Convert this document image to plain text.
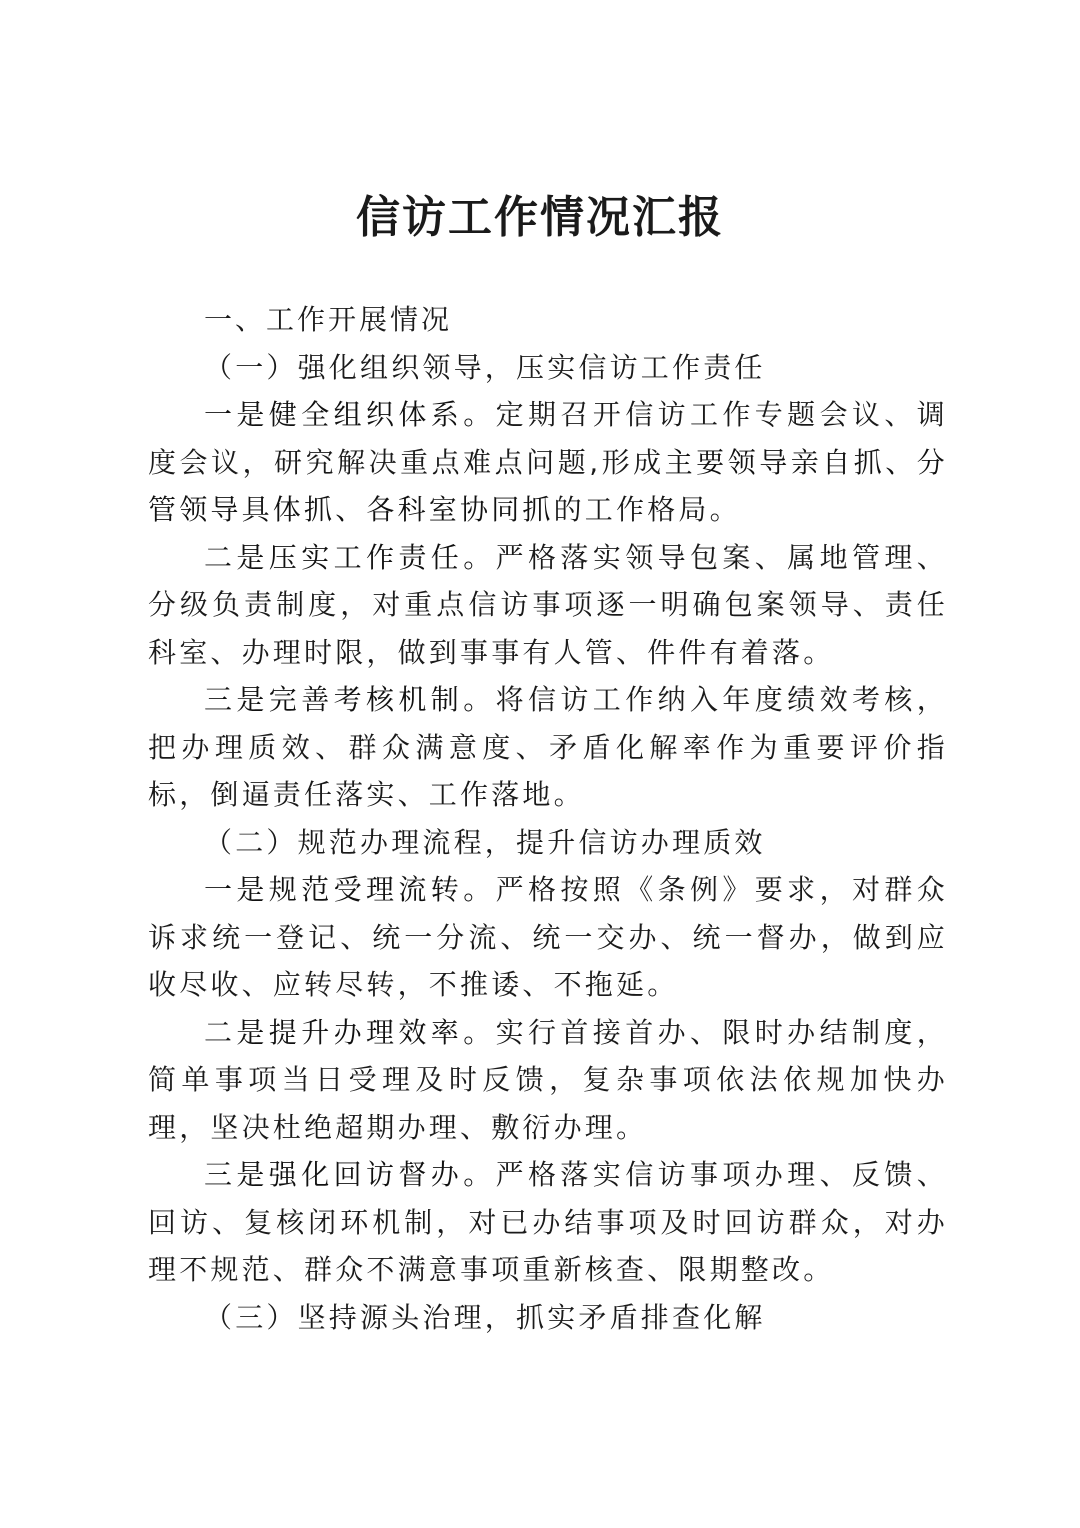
信访工作情况汇报

一、工作开展情况

（一）强化组织领导，压实信访工作责任

一是健全组织体系。定期召开信访工作专题会议、调度会议，研究解决重点难点问题,形成主要领导亲自抓、分管领导具体抓、各科室协同抓的工作格局。

二是压实工作责任。严格落实领导包案、属地管理、分级负责制度，对重点信访事项逐一明确包案领导、责任科室、办理时限，做到事事有人管、件件有着落。

三是完善考核机制。将信访工作纳入年度绩效考核，把办理质效、群众满意度、矛盾化解率作为重要评价指标，倒逼责任落实、工作落地。

（二）规范办理流程，提升信访办理质效

一是规范受理流转。严格按照《条例》要求，对群众诉求统一登记、统一分流、统一交办、统一督办，做到应收尽收、应转尽转，不推诿、不拖延。

二是提升办理效率。实行首接首办、限时办结制度，简单事项当日受理及时反馈，复杂事项依法依规加快办理，坚决杜绝超期办理、敷衍办理。

三是强化回访督办。严格落实信访事项办理、反馈、回访、复核闭环机制，对已办结事项及时回访群众，对办理不规范、群众不满意事项重新核查、限期整改。

（三）坚持源头治理，抓实矛盾排查化解
